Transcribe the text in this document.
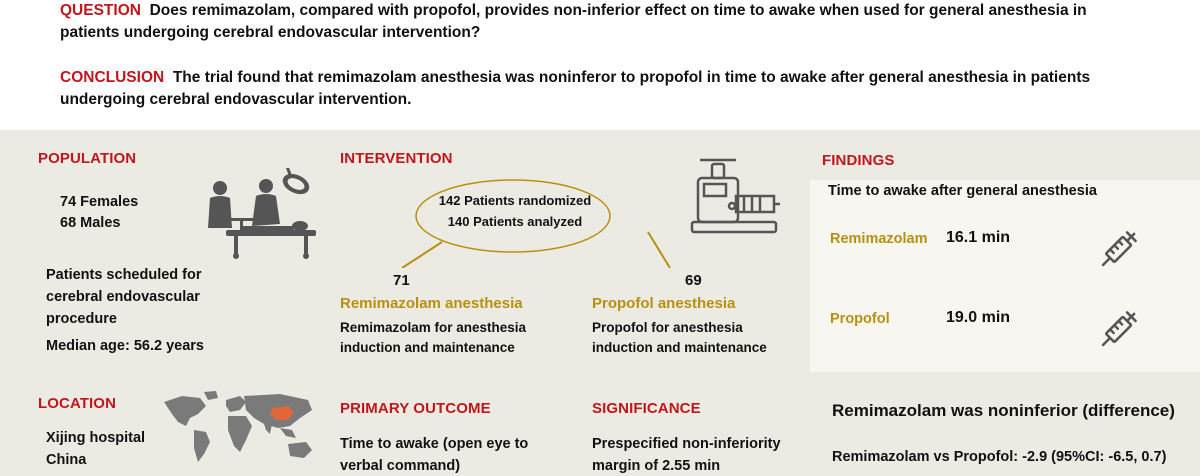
QUESTION Does remimazolam, compared with propofol, provides non-inferior effect on time to awake when used for general anesthesia in
patients undergoing cerebral endovascular intervention?
CONCLUSION The trial found that remimazolam anesthesia was noninferor to propofol in time to awake after general anesthesia in patients
undergoing cerebral endovascular intervention.
POPULATION
74 Females
68 Males
Patients scheduled for
cerebral endovascular
procedure
Median age: 56.2 years
LOCATION
Xijing hospital
China
INTERVENTION
142 Patients randomized
140 Patients analyzed
71
Remimazolam anesthesia
Remimazolam for anesthesia
induction and maintenance
69
Propofol anesthesia
Propofol for anesthesia
induction and maintenance
PRIMARY OUTCOME
Time to awake (open eye to
verbal command)
SIGNIFICANCE
Prespecified non-inferiority
margin of 2.55 min
FINDINGS
Time to awake after general anesthesia
Remimazolam 16.1 min
Propofol	19.0 min
Remimazolam was noninferior (difference)
Remimazolam vs Propofol: -2.9 (95%CI: -6.5, 0.7)
